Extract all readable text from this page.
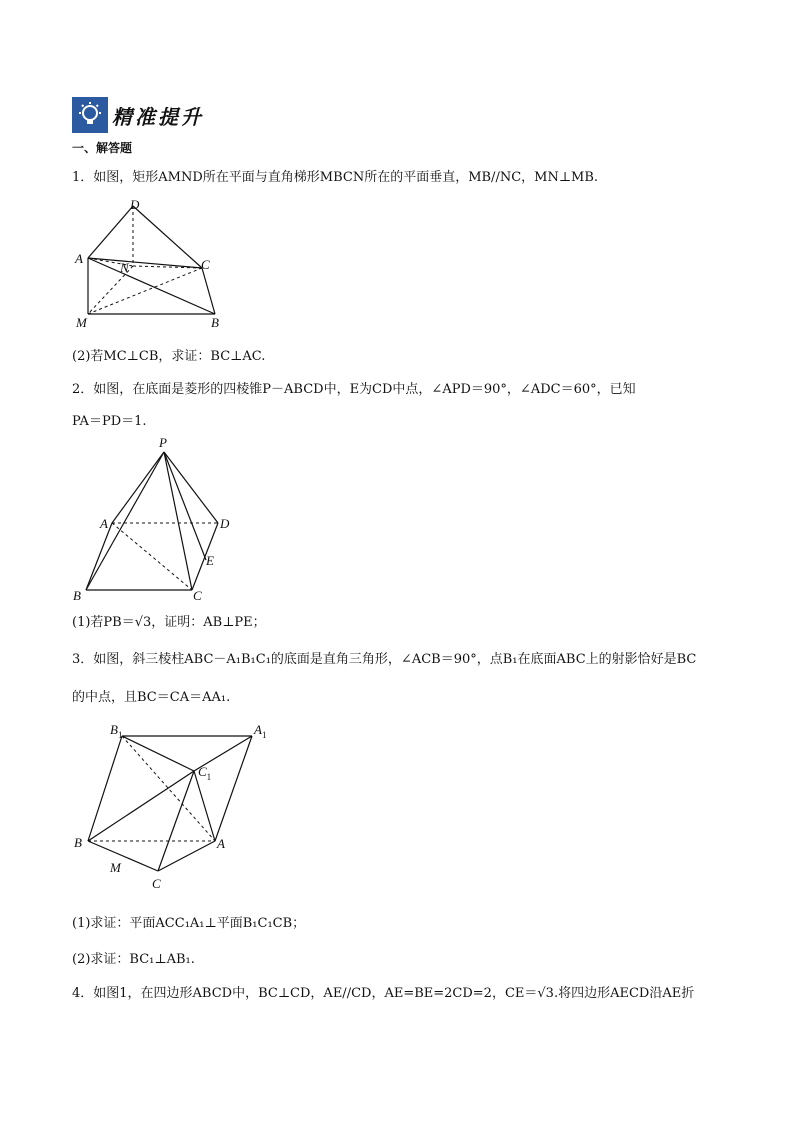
精准提升
一、解答题
1．如图，矩形AMND所在平面与直角梯形MBCN所在的平面垂直，MB//NC，MN⊥MB.
D
A
N	C
M	B
(2)若MC⊥CB，求证：BC⊥AC.
2．如图，在底面是菱形的四棱锥P－ABCD中，E为CD中点，∠APD＝90°，∠ADC＝60°，已知
PA＝PD＝1.
P
A	D
E
B	C
(1)若PB＝√3，证明：AB⊥PE；
3．如图，斜三棱柱ABC－A₁B₁C₁的底面是直角三角形，∠ACB＝90°，点B₁在底面ABC上的射影恰好是BC
的中点，且BC＝CA＝AA₁.
$B_1$	$A_1$
$C_1$
B	A
M
C
(1)求证：平面ACC₁A₁⊥平面B₁C₁CB；
(2)求证：BC₁⊥AB₁.
4．如图1，在四边形ABCD中，BC⊥CD，AE//CD，AE=BE=2CD=2，CE＝√3.将四边形AECD沿AE折
